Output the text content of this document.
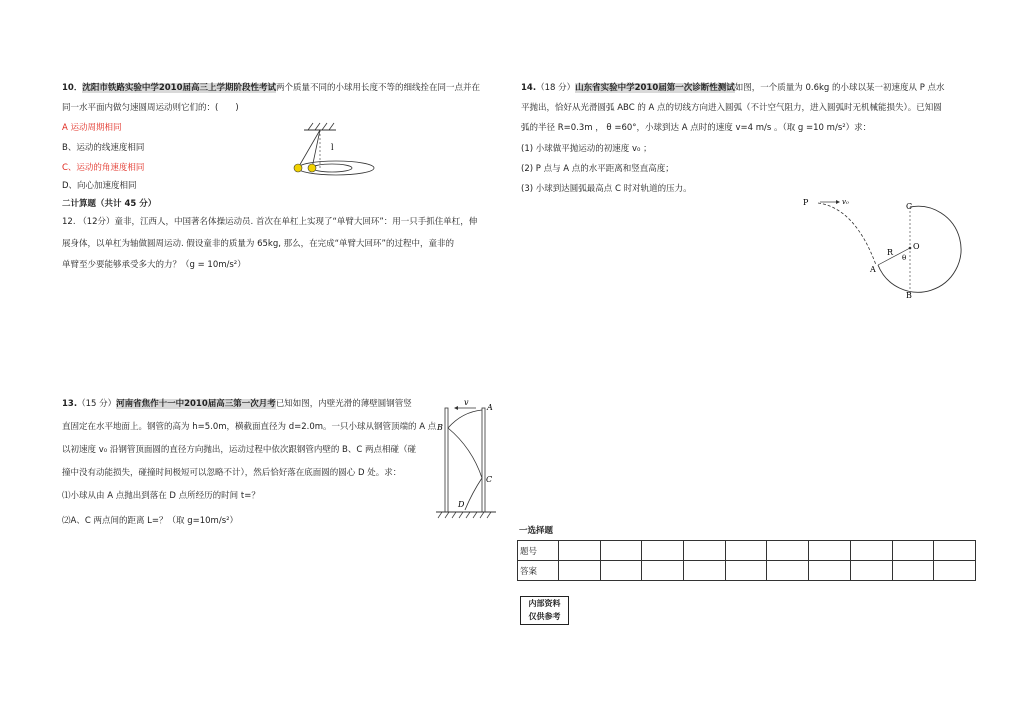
10．沈阳市铁路实验中学2010届高三上学期阶段性考试两个质量不同的小球用长度不等的细线拴在同一点并在
同一水平面内做匀速圆周运动则它们的：(　　)
A 运动周期相同
B、运动的线速度相同
C、运动的角速度相同
D、向心加速度相同
l
二计算题（共计 45 分）
12. （12分）童非，江西人，中国著名体操运动员. 首次在单杠上实现了“单臂大回环”：用一只手抓住单杠，伸
展身体，以单杠为轴做圆周运动. 假设童非的质量为 65kg, 那么，在完成“单臂大回环”的过程中，童非的
单臂至少要能够承受多大的力？（g = 10m/s²）
13.（15 分）河南省焦作十一中2010届高三第一次月考已知如图，内壁光滑的薄壁圆钢管竖
直固定在水平地面上。钢管的高为 h=5.0m，横截面直径为 d=2.0m。一只小球从钢管顶端的 A 点
以初速度 v₀ 沿钢管顶面圆的直径方向抛出，运动过程中依次跟钢管内壁的 B、C 两点相碰（碰
撞中没有动能损失，碰撞时间极短可以忽略不计），然后恰好落在底面圆的圆心 D 处。求：
⑴小球从由 A 点抛出到落在 D 点所经历的时间 t=？
⑵A、C 两点间的距离 L=？（取 g=10m/s²）
v
A
B
C
D
14.（18 分）山东省实验中学2010届第一次诊断性测试如图，一个质量为 0.6kg 的小球以某一初速度从 P 点水
平抛出，恰好从光滑圆弧 ABC 的 A 点的切线方向进入圆弧（不计空气阻力，进入圆弧时无机械能损失）。已知圆
弧的半径 R=0.3m ， θ =60°，小球到达 A 点时的速度 v=4 m/s 。（取 g =10 m/s²）求：
(1) 小球做平抛运动的初速度 v₀ ；
(2) P 点与 A 点的水平距离和竖直高度；
(3) 小球到达圆弧最高点 C 时对轨道的压力。
P	v₀	C
O
R
A
θ
B
一选择题
题号										
答案										
内部资料
仅供参考
